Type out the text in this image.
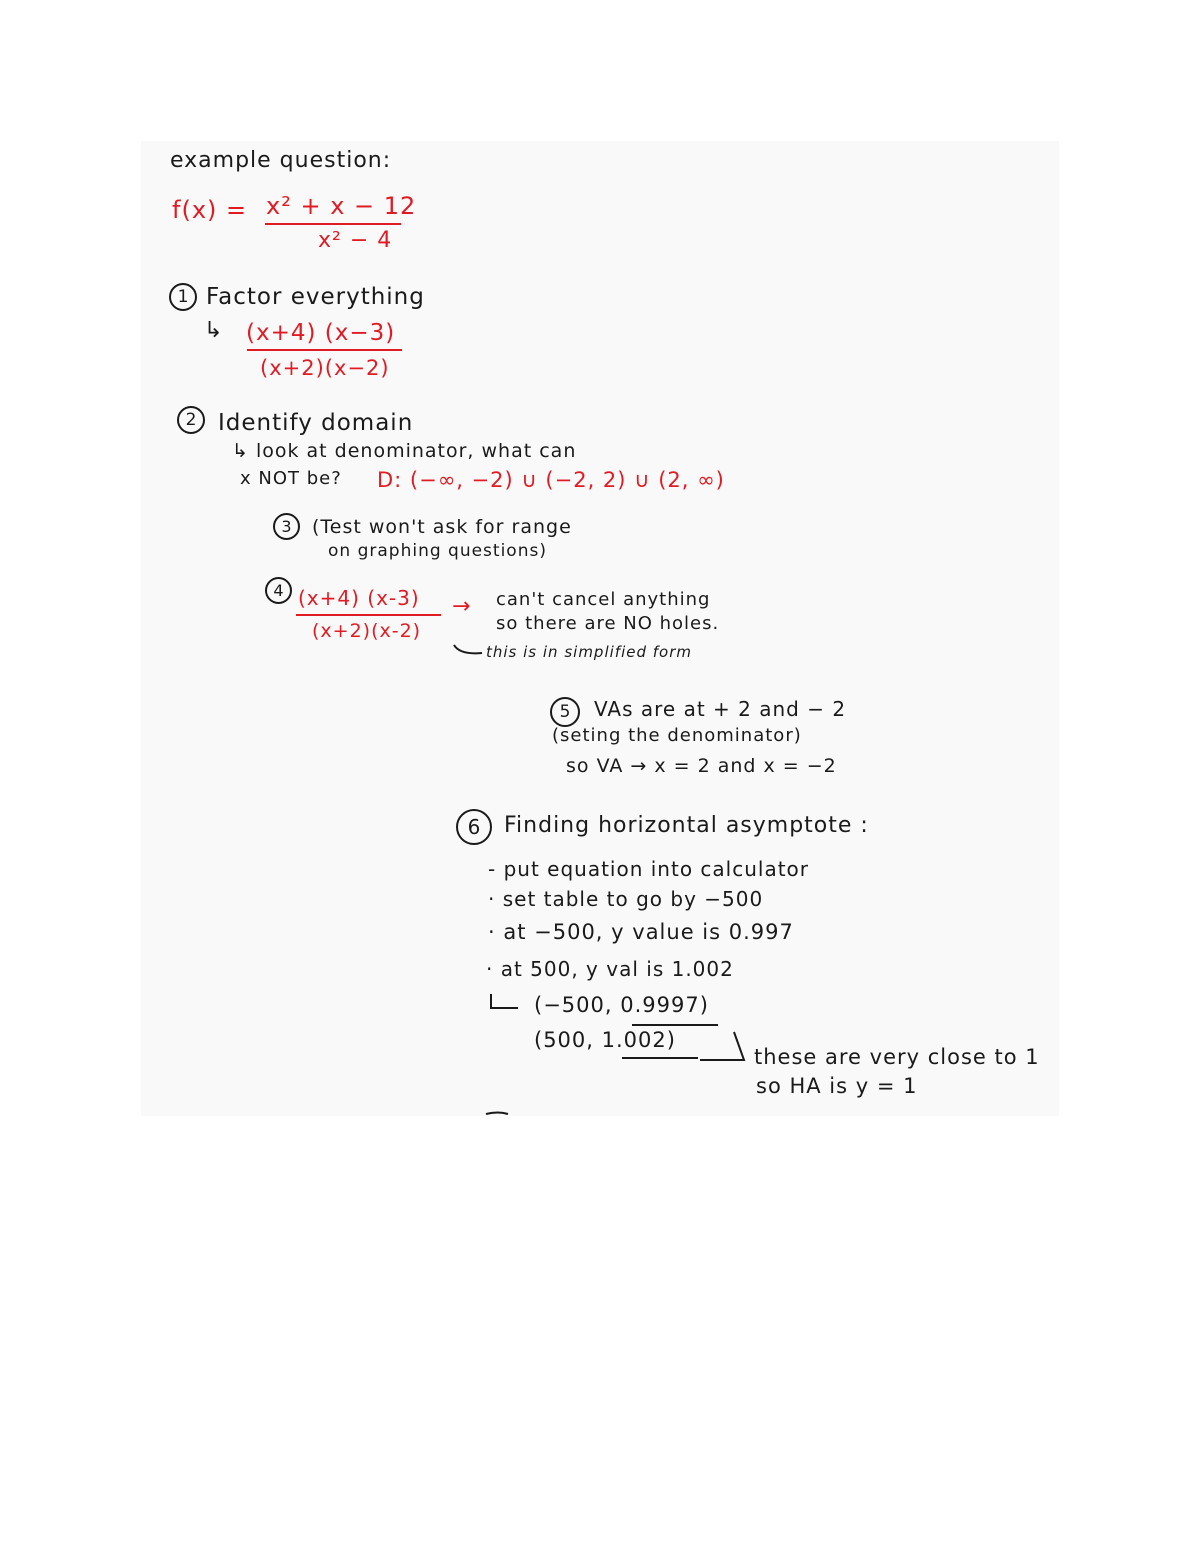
example question:
f(x) = x² + x − 12
x² − 4
1 Factor everything
↳ (x+4) (x−3)
(x+2)(x−2)
2 Identify domain
↳ look at denominator, what can
x NOT be? D: (−∞, −2) ∪ (−2, 2) ∪ (2, ∞)
3	(Test won't ask for range
on graphing questions)
4 (x+4) (x-3)
(x+2)(x-2)
→ can't cancel anything
so there are NO holes.
this is in simplified form
5	VAs are at + 2 and − 2
(seting the denominator)
so VA → x = 2 and x = −2
6	Finding horizontal asymptote :
- put equation into calculator
· set table to go by −500
· at −500, y value is 0.997
· at 500, y val is 1.002
(−500, 0.9997)
(500, 1.002)
these are very close to 1
so HA is y = 1
